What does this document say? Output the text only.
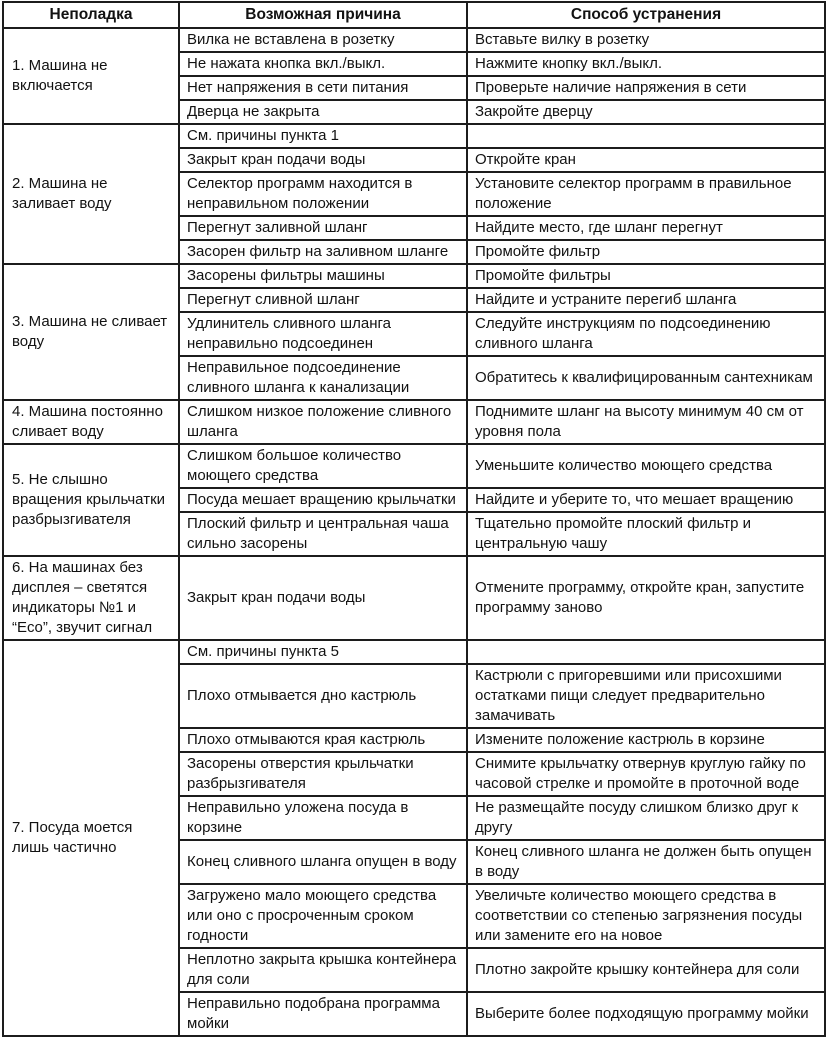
Неполадка	Возможная причина	Способ устранения
1. Машина не включается	Вилка не вставлена в розетку	Вставьте вилку в розетку
	Не нажата кнопка вкл./выкл.	Нажмите кнопку вкл./выкл.
	Нет напряжения в сети питания	Проверьте наличие напряжения в сети
	Дверца не закрыта	Закройте дверцу
2. Машина не заливает воду	См. причины пункта 1	
	Закрыт кран подачи воды	Откройте кран
	Селектор программ находится в неправильном положении	Установите селектор программ в правильное положение
	Перегнут заливной шланг	Найдите место, где шланг перегнут
	Засорен фильтр на заливном шланге	Промойте фильтр
3. Машина не сливает воду	Засорены фильтры машины	Промойте фильтры
	Перегнут сливной шланг	Найдите и устраните перегиб шланга
	Удлинитель сливного шланга неправильно подсоединен	Следуйте инструкциям по подсоединению сливного шланга
	Неправильное подсоединение сливного шланга к канализации	Обратитесь к квалифицированным сантехникам
4. Машина постоянно сливает воду	Слишком низкое положение сливного шланга	Поднимите шланг на высоту минимум 40 см от уровня пола
5. Не слышно вращения крыльчатки разбрызгивателя	Слишком большое количество моющего средства	Уменьшите количество моющего средства
	Посуда мешает вращению крыльчатки	Найдите и уберите то, что мешает вращению
	Плоский фильтр и центральная чаша сильно засорены	Тщательно промойте плоский фильтр и центральную чашу
6. На машинах без дисплея – светятся индикаторы №1 и “Eco”, звучит сигнал	Закрыт кран подачи воды	Отмените программу, откройте кран, запустите программу заново
7. Посуда моется лишь частично	См. причины пункта 5	
	Плохо отмывается дно кастрюль	Кастрюли с пригоревшими или присохшими остатками пищи следует предварительно замачивать
	Плохо отмываются края кастрюль	Измените положение кастрюль в корзине
	Засорены отверстия крыльчатки разбрызгивателя	Снимите крыльчатку отвернув круглую гайку по часовой стрелке и промойте в проточной воде
	Неправильно уложена посуда в корзине	Не размещайте посуду слишком близко друг к другу
	Конец сливного шланга опущен в воду	Конец сливного шланга не должен быть опущен в воду
	Загружено мало моющего средства или оно с просроченным сроком годности	Увеличьте количество моющего средства в соответствии со степенью загрязнения посуды или замените его на новое
	Неплотно закрыта крышка контейнера для соли	Плотно закройте крышку контейнера для соли
	Неправильно подобрана программа мойки	Выберите более подходящую программу мойки
